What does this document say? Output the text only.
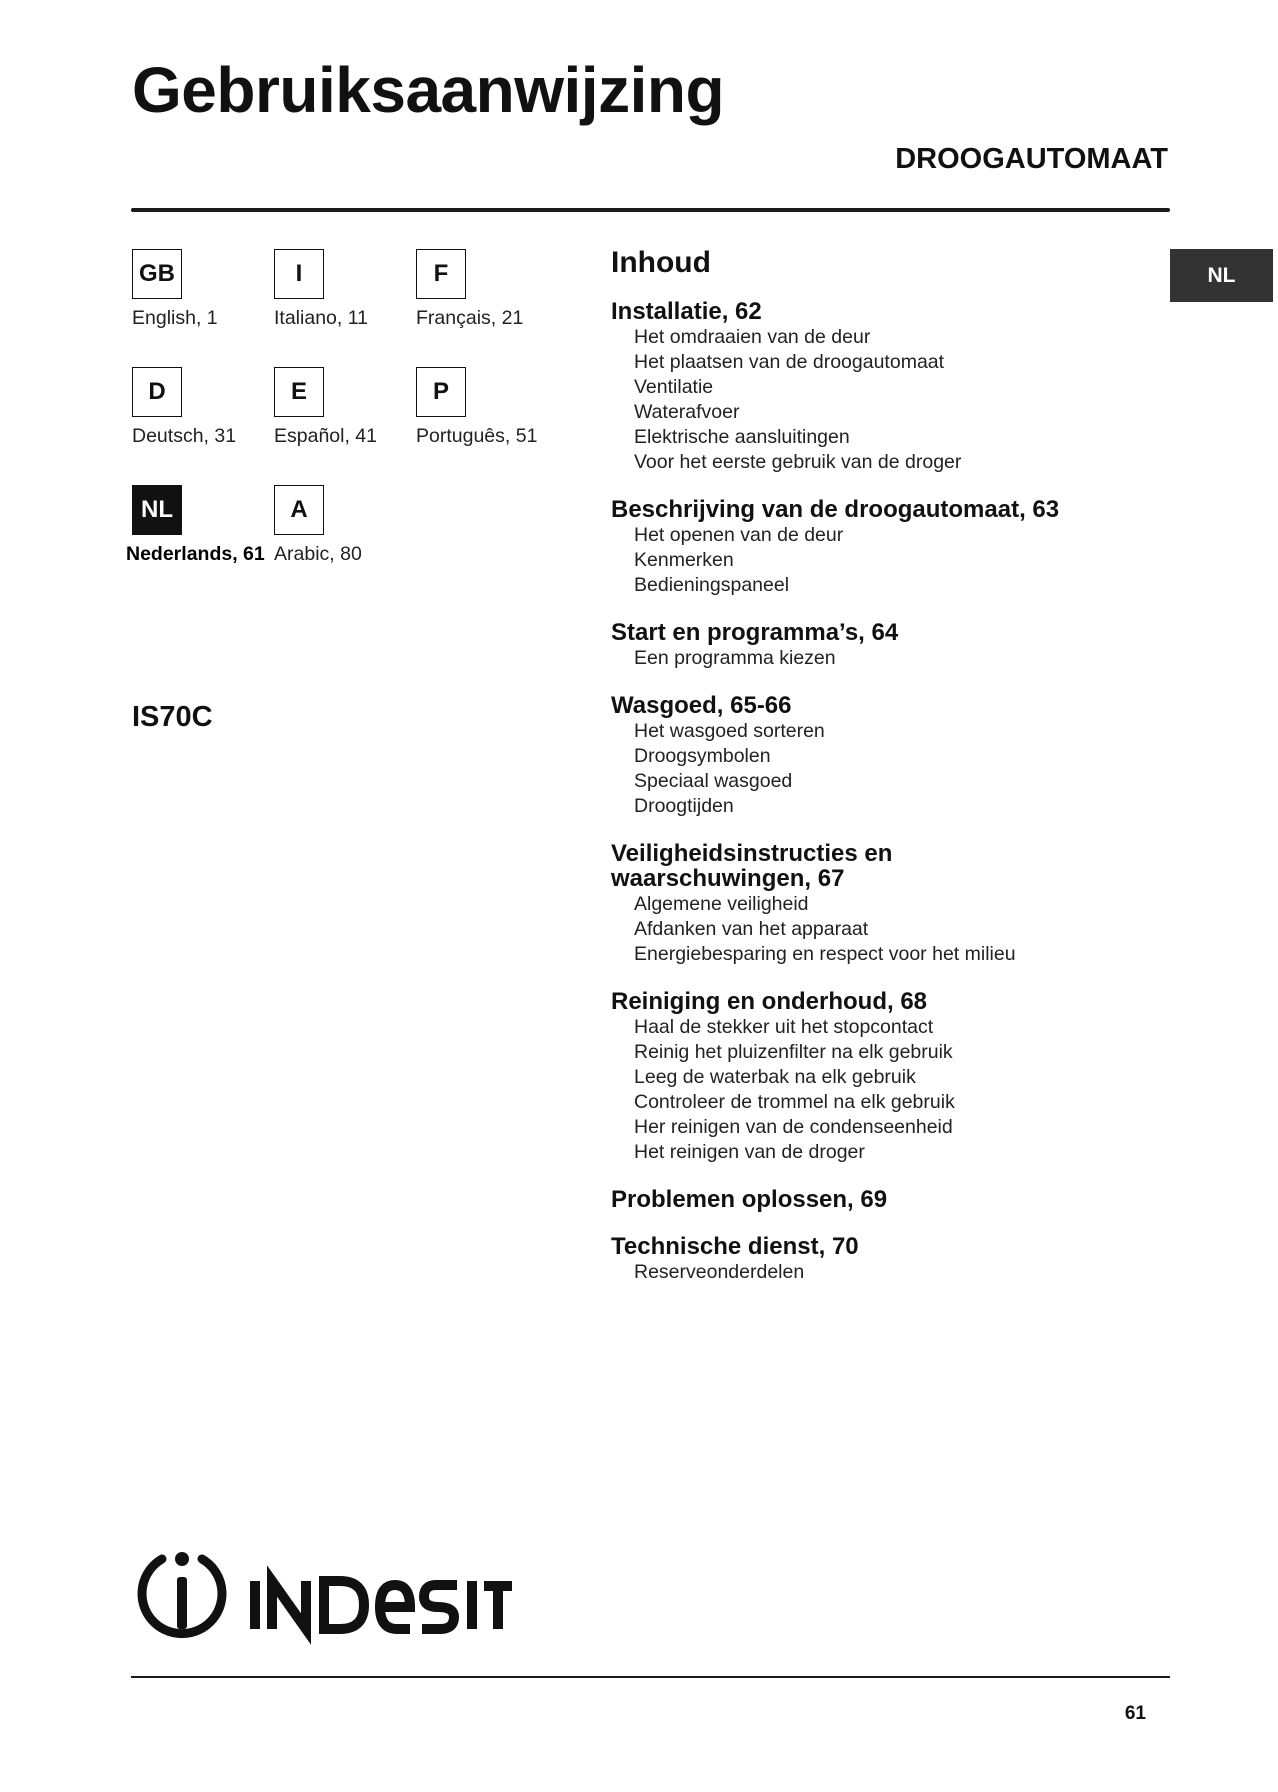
Gebruiksaanwijzing
DROOGAUTOMAAT
NL
GB
English, 1
I
Italiano, 11
F
Français, 21
D
Deutsch, 31
E
Español, 41
P
Português, 51
NL
Nederlands, 61
A
Arabic, 80
IS70C
Inhoud
Installatie, 62
Het omdraaien van de deur
Het plaatsen van de droogautomaat
Ventilatie
Waterafvoer
Elektrische aansluitingen
Voor het eerste gebruik van de droger
Beschrijving van de droogautomaat, 63
Het openen van de deur
Kenmerken
Bedieningspaneel
Start en programma’s, 64
Een programma kiezen
Wasgoed, 65-66
Het wasgoed sorteren
Droogsymbolen
Speciaal wasgoed
Droogtijden
Veiligheidsinstructies en
waarschuwingen, 67
Algemene veiligheid
Afdanken van het apparaat
Energiebesparing en respect voor het milieu
Reiniging en onderhoud, 68
Haal de stekker uit het stopcontact
Reinig het pluizenfilter na elk gebruik
Leeg de waterbak na elk gebruik
Controleer de trommel na elk gebruik
Her reinigen van de condenseenheid
Het reinigen van de droger
Problemen oplossen, 69
Technische dienst, 70
Reserveonderdelen
61
